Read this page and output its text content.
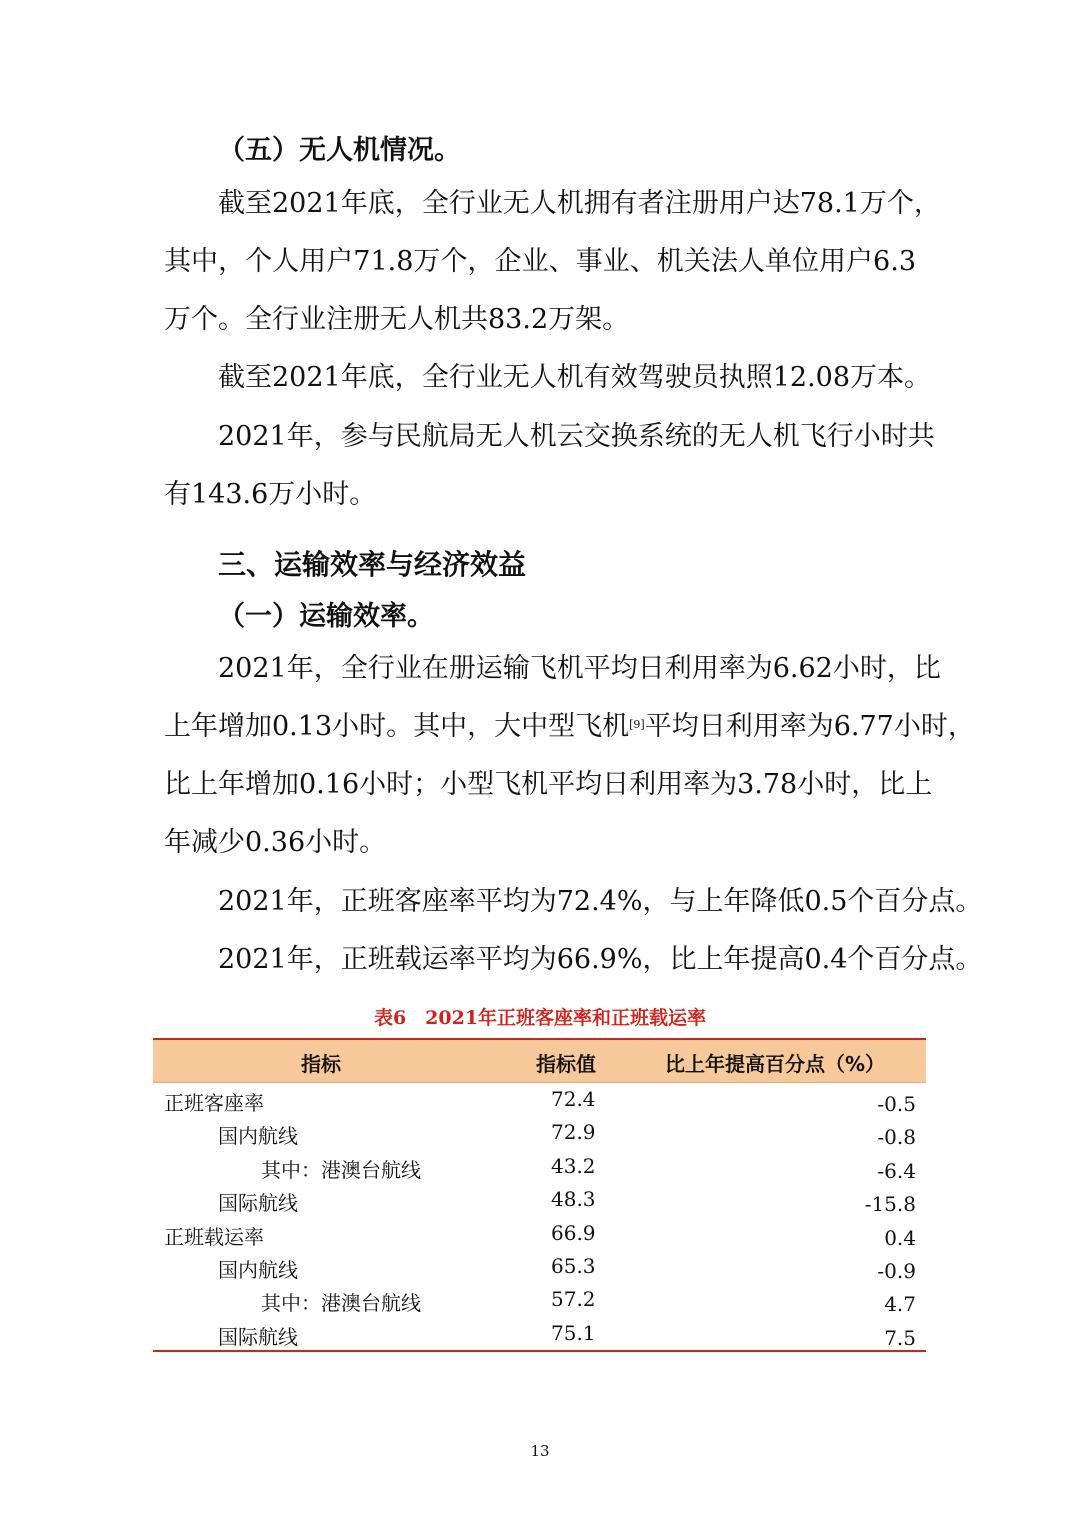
（五）无人机情况。
截至2021年底，全行业无人机拥有者注册用户达78.1万个，
其中，个人用户71.8万个，企业、事业、机关法人单位用户6.3
万个。全行业注册无人机共83.2万架。
截至2021年底，全行业无人机有效驾驶员执照12.08万本。
2021年，参与民航局无人机云交换系统的无人机飞行小时共
有143.6万小时。
三、运输效率与经济效益
（一）运输效率。
2021年，全行业在册运输飞机平均日利用率为6.62小时，比
上年增加0.13小时。其中，大中型飞机[9]平均日利用率为6.77小时，
比上年增加0.16小时；小型飞机平均日利用率为3.78小时，比上
年减少0.36小时。
2021年，正班客座率平均为72.4%，与上年降低0.5个百分点。
2021年，正班载运率平均为66.9%，比上年提高0.4个百分点。
表6　2021年正班客座率和正班载运率
指标	指标值	比上年提高百分点（%）
正班客座率	72.4	-0.5
国内航线	72.9	-0.8
其中：港澳台航线	43.2	-6.4
国际航线	48.3	-15.8
正班载运率	66.9	0.4
国内航线	65.3	-0.9
其中：港澳台航线	57.2	4.7
国际航线	75.1	7.5
13
